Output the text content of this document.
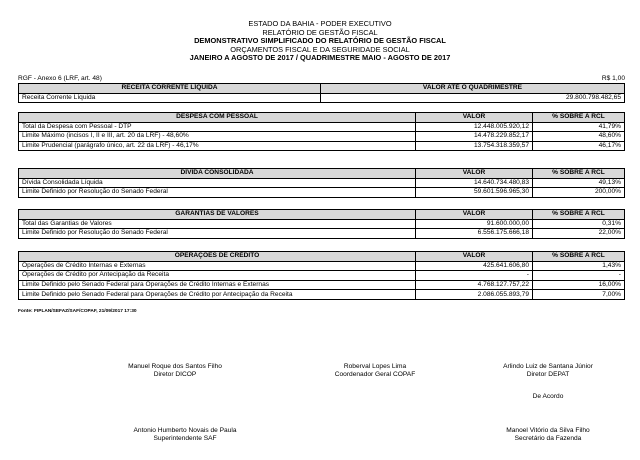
ESTADO DA BAHIA - PODER EXECUTIVO
RELATÓRIO DE GESTÃO FISCAL
DEMONSTRATIVO SIMPLIFICADO DO RELATÓRIO DE GESTÃO FISCAL
ORÇAMENTOS FISCAL E DA SEGURIDADE SOCIAL
JANEIRO A AGOSTO DE 2017 / QUADRIMESTRE MAIO - AGOSTO DE 2017
RGF - Anexo 6 (LRF, art. 48)	R$ 1,00
RECEITA CORRENTE LÍQUIDA	VALOR ATÉ O QUADRIMESTRE
Receita Corrente Líquida	29.800.798.482,65
DESPESA COM PESSOAL	VALOR	% SOBRE A RCL
Total da Despesa com Pessoal - DTP	12.448.005.920,12	41,79%
Limite Máximo (incisos I, II e III, art. 20 da LRF) - 48,60%	14.478.229.852,17	48,60%
Limite Prudencial (parágrafo único, art. 22 da LRF) - 46,17%	13.754.318.359,57	46,17%
DÍVIDA CONSOLIDADA	VALOR	% SOBRE A RCL
Dívida Consolidada Líquida	14.640.734.480,83	49,13%
Limite Definido por Resolução do Senado Federal	59.601.596.965,30	200,00%
GARANTIAS DE VALORES	VALOR	% SOBRE A RCL
Total das Garantias de Valores	91.600.000,00	0,31%
Limite Definido por Resolução do Senado Federal	6.556.175.666,18	22,00%
OPERAÇÕES DE CRÉDITO	VALOR	% SOBRE A RCL
Operações de Crédito Internas e Externas	425.641.606,80	1,43%
Operações de Crédito por Antecipação da Receita	-	-
Limite Definido pelo Senado Federal para Operações de Crédito Internas e Externas	4.768.127.757,22	16,00%
Limite Definido pelo Senado Federal para Operações de Crédito por Antecipação da Receita	2.086.055.893,79	7,00%
Fonte: FIPLAN/SEFAZ/SAF/COPAF, 21/09/2017 17:30
Manuel Roque dos Santos Filho
Diretor DICOP
Roberval Lopes Lima
Coordenador Geral COPAF
Arlindo Luiz de Santana Júnior
Diretor DEPAT
De Acordo
Antonio Humberto Novais de Paula
Superintendente SAF
Manoel Vitório da Silva Filho
Secretário da Fazenda
